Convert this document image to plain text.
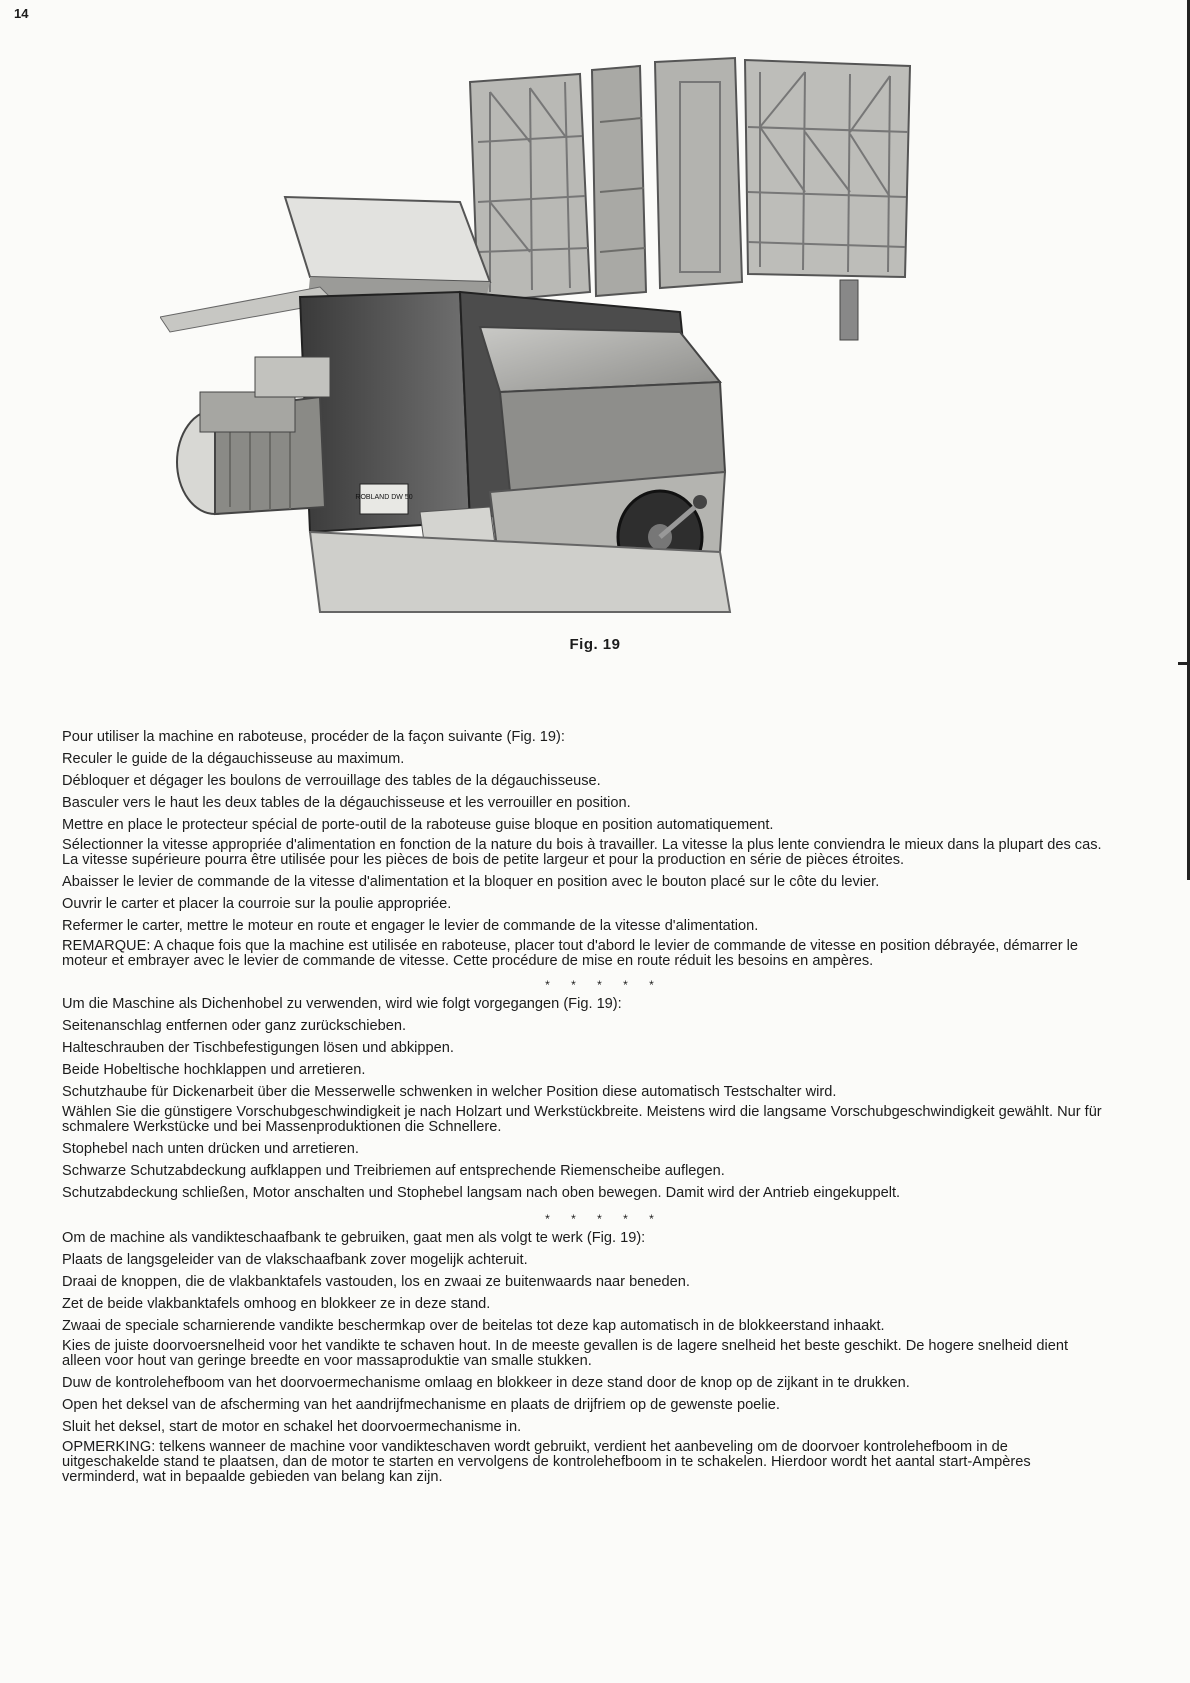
14
ROBLAND DW 50
Fig. 19

Pour utiliser la machine en raboteuse, procéder de la façon suivante (Fig. 19):

Reculer le guide de la dégauchisseuse au maximum.

Débloquer et dégager les boulons de verrouillage des tables de la dégauchisseuse.

Basculer vers le haut les deux tables de la dégauchisseuse et les verrouiller en position.

Mettre en place le protecteur spécial de porte-outil de la raboteuse guise bloque en position automatiquement.

Sélectionner la vitesse appropriée d'alimentation en fonction de la nature du bois à travailler. La vitesse la plus lente conviendra le mieux dans la plupart des cas. La vitesse supérieure pourra être utilisée pour les pièces de bois de petite largeur et pour la production en série de pièces étroites.

Abaisser le levier de commande de la vitesse d'alimentation et la bloquer en position avec le bouton placé sur le côte du levier.

Ouvrir le carter et placer la courroie sur la poulie appropriée.

Refermer le carter, mettre le moteur en route et engager le levier de commande de la vitesse d'alimentation.

REMARQUE: A chaque fois que la machine est utilisée en raboteuse, placer tout d'abord le levier de commande de vitesse en position débrayée, démarrer le moteur et embrayer avec le levier de commande de vitesse. Cette procédure de mise en route réduit les besoins en ampères.

* * * * *

Um die Maschine als Dichenhobel zu verwenden, wird wie folgt vorgegangen (Fig. 19):

Seitenanschlag entfernen oder ganz zurückschieben.

Halteschrauben der Tischbefestigungen lösen und abkippen.

Beide Hobeltische hochklappen und arretieren.

Schutzhaube für Dickenarbeit über die Messerwelle schwenken in welcher Position diese automatisch Testschalter wird.

Wählen Sie die günstigere Vorschubgeschwindigkeit je nach Holzart und Werkstückbreite. Meistens wird die langsame Vorschubgeschwindigkeit gewählt. Nur für schmalere Werkstücke und bei Massenproduktionen die Schnellere.

Stophebel nach unten drücken und arretieren.

Schwarze Schutzabdeckung aufklappen und Treibriemen auf entsprechende Riemenscheibe auflegen.

Schutzabdeckung schließen, Motor anschalten und Stophebel langsam nach oben bewegen. Damit wird der Antrieb eingekuppelt.

* * * * *

Om de machine als vandikteschaafbank te gebruiken, gaat men als volgt te werk (Fig. 19):

Plaats de langsgeleider van de vlakschaafbank zover mogelijk achteruit.

Draai de knoppen, die de vlakbanktafels vastouden, los en zwaai ze buitenwaards naar beneden.

Zet de beide vlakbanktafels omhoog en blokkeer ze in deze stand.

Zwaai de speciale scharnierende vandikte beschermkap over de beitelas tot deze kap automatisch in de blokkeerstand inhaakt.

Kies de juiste doorvoersnelheid voor het vandikte te schaven hout. In de meeste gevallen is de lagere snelheid het beste geschikt. De hogere snelheid dient alleen voor hout van geringe breedte en voor massaproduktie van smalle stukken.

Duw de kontrolehefboom van het doorvoermechanisme omlaag en blokkeer in deze stand door de knop op de zijkant in te drukken.

Open het deksel van de afscherming van het aandrijfmechanisme en plaats de drijfriem op de gewenste poelie.

Sluit het deksel, start de motor en schakel het doorvoermechanisme in.

OPMERKING: telkens wanneer de machine voor vandikteschaven wordt gebruikt, verdient het aanbeveling om de doorvoer kontrolehefboom in de uitgeschakelde stand te plaatsen, dan de motor te starten en vervolgens de kontrolehefboom in te schakelen. Hierdoor wordt het aantal start-Ampères verminderd, wat in bepaalde gebieden van belang kan zijn.
